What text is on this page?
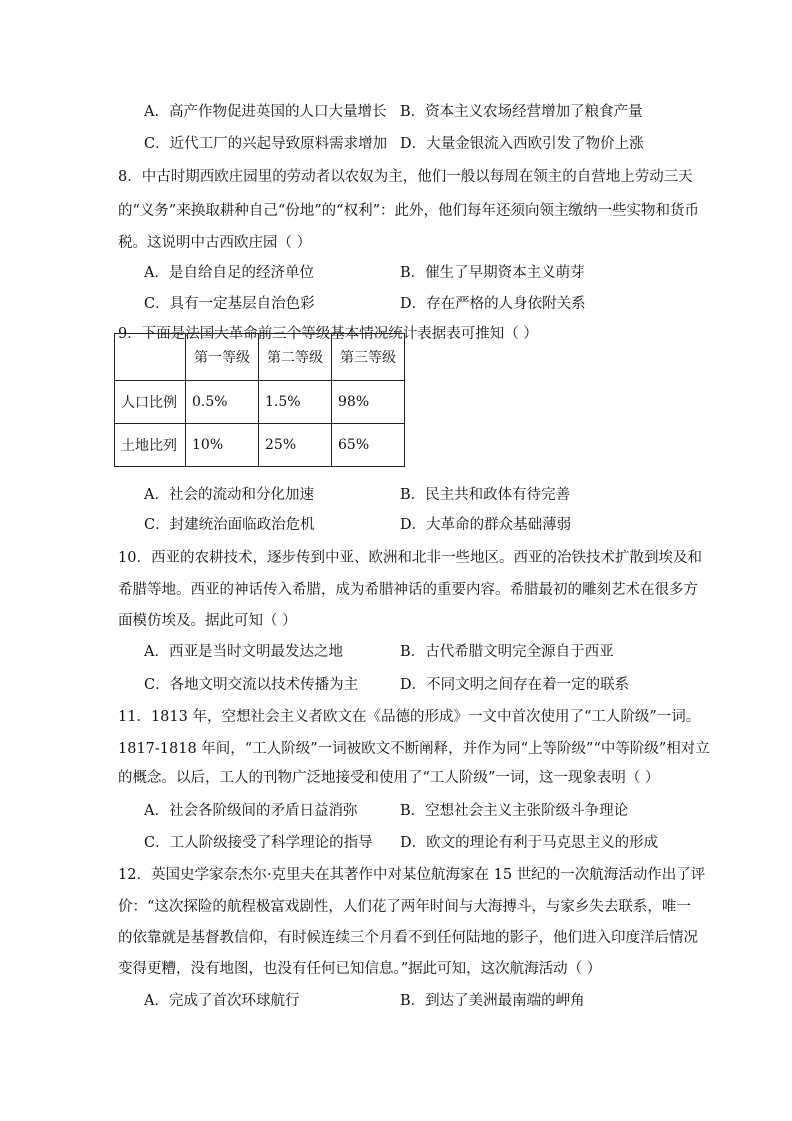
A．高产作物促进英国的人口大量增长 B．资本主义农场经营增加了粮食产量
C．近代工厂的兴起导致原料需求增加 D．大量金银流入西欧引发了物价上涨
8．中古时期西欧庄园里的劳动者以农奴为主，他们一般以每周在领主的自营地上劳动三天
的“义务”来换取耕种自己“份地”的“权利”：此外，他们每年还须向领主缴纳一些实物和货币
税。这说明中古西欧庄园（ ）
A．是自给自足的经济单位	B．催生了早期资本主义萌芽
C．具有一定基层自治色彩	D．存在严格的人身依附关系
9．下面是法国大革命前三个等级基本情况统计表据表可推知（ ）
	第一等级	第二等级	第三等级
人口比例	0.5%	1.5%	98%
土地比列	10%	25%	65%
A．社会的流动和分化加速	B．民主共和政体有待完善
C．封建统治面临政治危机	D．大革命的群众基础薄弱
10．西亚的农耕技术，逐步传到中亚、欧洲和北非一些地区。西亚的冶铁技术扩散到埃及和
希腊等地。西亚的神话传入希腊，成为希腊神话的重要内容。希腊最初的雕刻艺术在很多方
面模仿埃及。据此可知（ ）
A．西亚是当时文明最发达之地	B．古代希腊文明完全源自于西亚
C．各地文明交流以技术传播为主	D．不同文明之间存在着一定的联系
11．1813 年，空想社会主义者欧文在《品德的形成》一文中首次使用了“工人阶级”一词。
1817-1818 年间，“工人阶级”一词被欧文不断阐释，并作为同“上等阶级”“中等阶级”相对立
的概念。以后，工人的刊物广泛地接受和使用了“工人阶级”一词，这一现象表明（ ）
A．社会各阶级间的矛盾日益消弥	B．空想社会主义主张阶级斗争理论
C．工人阶级接受了科学理论的指导 D．欧文的理论有利于马克思主义的形成
12．英国史学家奈杰尔·克里夫在其著作中对某位航海家在 15 世纪的一次航海活动作出了评
价：“这次探险的航程极富戏剧性，人们花了两年时间与大海搏斗，与家乡失去联系，唯一
的依靠就是基督教信仰，有时候连续三个月看不到任何陆地的影子，他们进入印度洋后情况
变得更糟，没有地图，也没有任何已知信息。”据此可知，这次航海活动（ ）
A．完成了首次环球航行	B．到达了美洲最南端的岬角
